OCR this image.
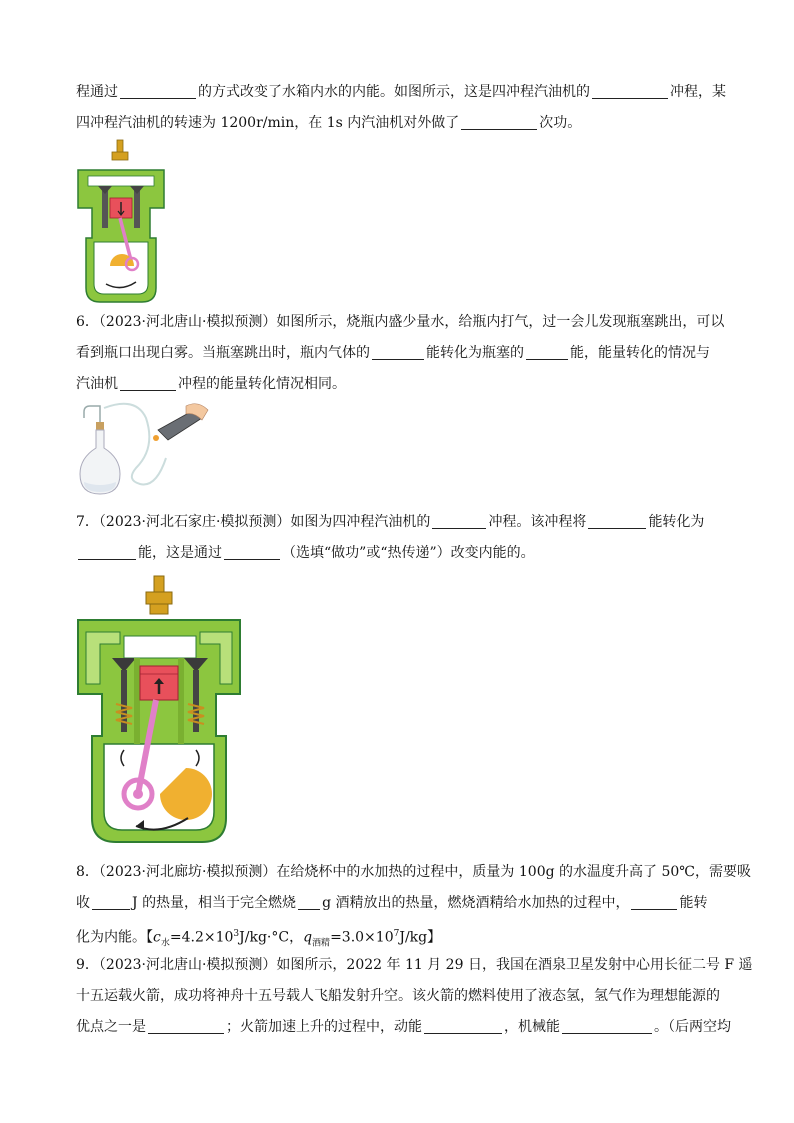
程通过	的方式改变了水箱内水的内能。如图所示，这是四冲程汽油机的	冲程，某
四冲程汽油机的转速为 1200r/min，在 1s 内汽油机对外做了	次功。
6．（2023·河北唐山·模拟预测）如图所示，烧瓶内盛少量水，给瓶内打气，过一会儿发现瓶塞跳出，可以
看到瓶口出现白雾。当瓶塞跳出时，瓶内气体的	能转化为瓶塞的	能，能量转化的情况与
汽油机	冲程的能量转化情况相同。
7．（2023·河北石家庄·模拟预测）如图为四冲程汽油机的	冲程。该冲程将	能转化为
能，这是通过	（选填“做功”或“热传递”）改变内能的。
8．（2023·河北廊坊·模拟预测）在给烧杯中的水加热的过程中，质量为 100g 的水温度升高了 50℃，需要吸
收	J 的热量，相当于完全燃烧 g 酒精放出的热量，燃烧酒精给水加热的过程中，	能转
化为内能。【$c_水=4.2\times 10^3J/kg\cdot^\circ C$，$q_{酒精}=3.0\times 10^7J/kg$】
9．（2023·河北唐山·模拟预测）如图所示，2022 年 11 月 29 日，我国在酒泉卫星发射中心用长征二号 F 遥
十五运载火箭，成功将神舟十五号载人飞船发射升空。该火箭的燃料使用了液态氢，氢气作为理想能源的
优点之一是	；火箭加速上升的过程中，动能	，机械能	。（后两空均
